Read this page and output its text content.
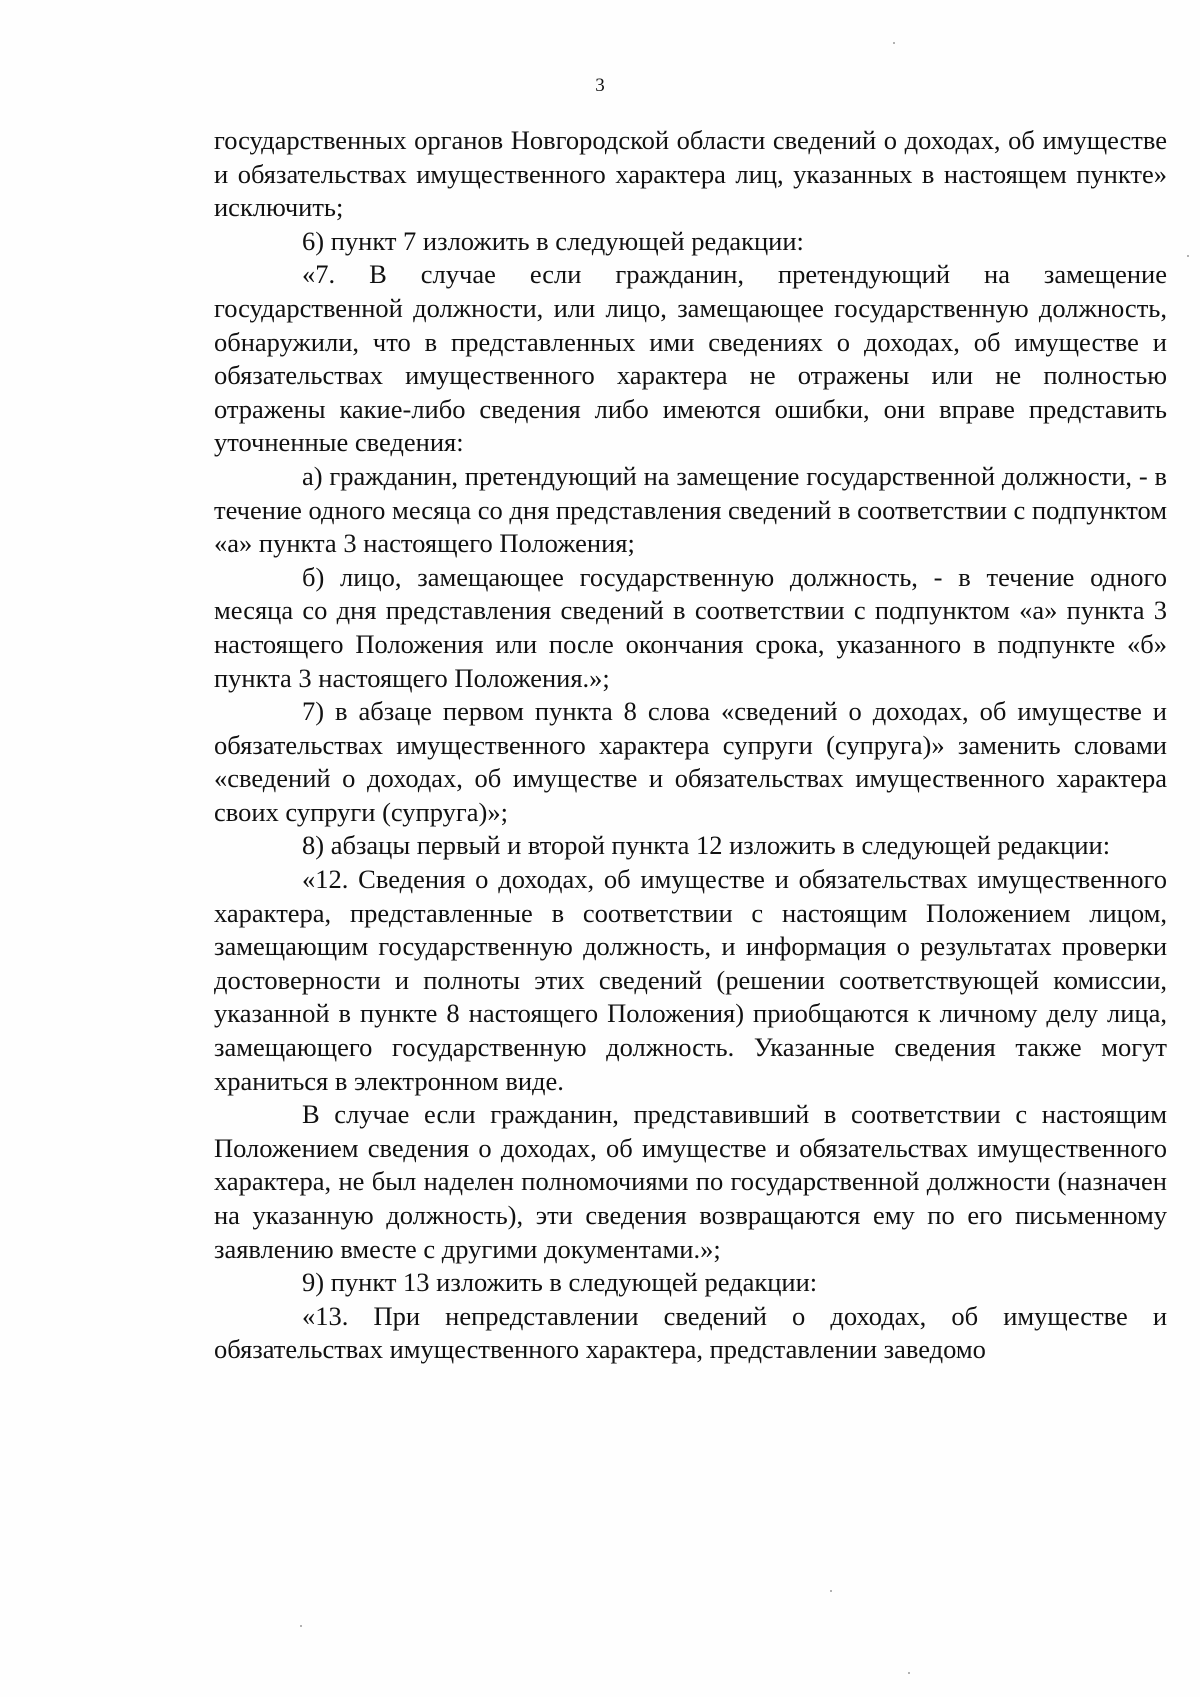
3

государственных органов Новгородской области сведений о доходах, об имуществе и обязательствах имущественного характера лиц, указанных в настоящем пункте» исключить;

6) пункт 7 изложить в следующей редакции:

«7. В случае если гражданин, претендующий на замещение государственной должности, или лицо, замещающее государственную должность, обнаружили, что в представленных ими сведениях о доходах, об имуществе и обязательствах имущественного характера не отражены или не полностью отражены какие-либо сведения либо имеются ошибки, они вправе представить уточненные сведения:

а) гражданин, претендующий на замещение государственной должности, - в течение одного месяца со дня представления сведений в соответствии с подпунктом «а» пункта 3 настоящего Положения;

б) лицо, замещающее государственную должность, - в течение одного месяца со дня представления сведений в соответствии с подпунктом «а» пункта 3 настоящего Положения или после окончания срока, указанного в подпункте «б» пункта 3 настоящего Положения.»;

7) в абзаце первом пункта 8 слова «сведений о доходах, об имуществе и обязательствах имущественного характера супруги (супруга)» заменить словами «сведений о доходах, об имуществе и обязательствах имущественного характера своих супруги (супруга)»;

8) абзацы первый и второй пункта 12 изложить в следующей редакции:

«12. Сведения о доходах, об имуществе и обязательствах имущественного характера, представленные в соответствии с настоящим Положением лицом, замещающим государственную должность, и информация о результатах проверки достоверности и полноты этих сведений (решении соответствующей комиссии, указанной в пункте 8 настоящего Положения) приобщаются к личному делу лица, замещающего государственную должность. Указанные сведения также могут храниться в электронном виде.

В случае если гражданин, представивший в соответствии с настоящим Положением сведения о доходах, об имуществе и обязательствах имущественного характера, не был наделен полномочиями по государственной должности (назначен на указанную должность), эти сведения возвращаются ему по его письменному заявлению вместе с другими документами.»;

9) пункт 13 изложить в следующей редакции:

«13. При непредставлении сведений о доходах, об имуществе и обязательствах имущественного характера, представлении заведомо
